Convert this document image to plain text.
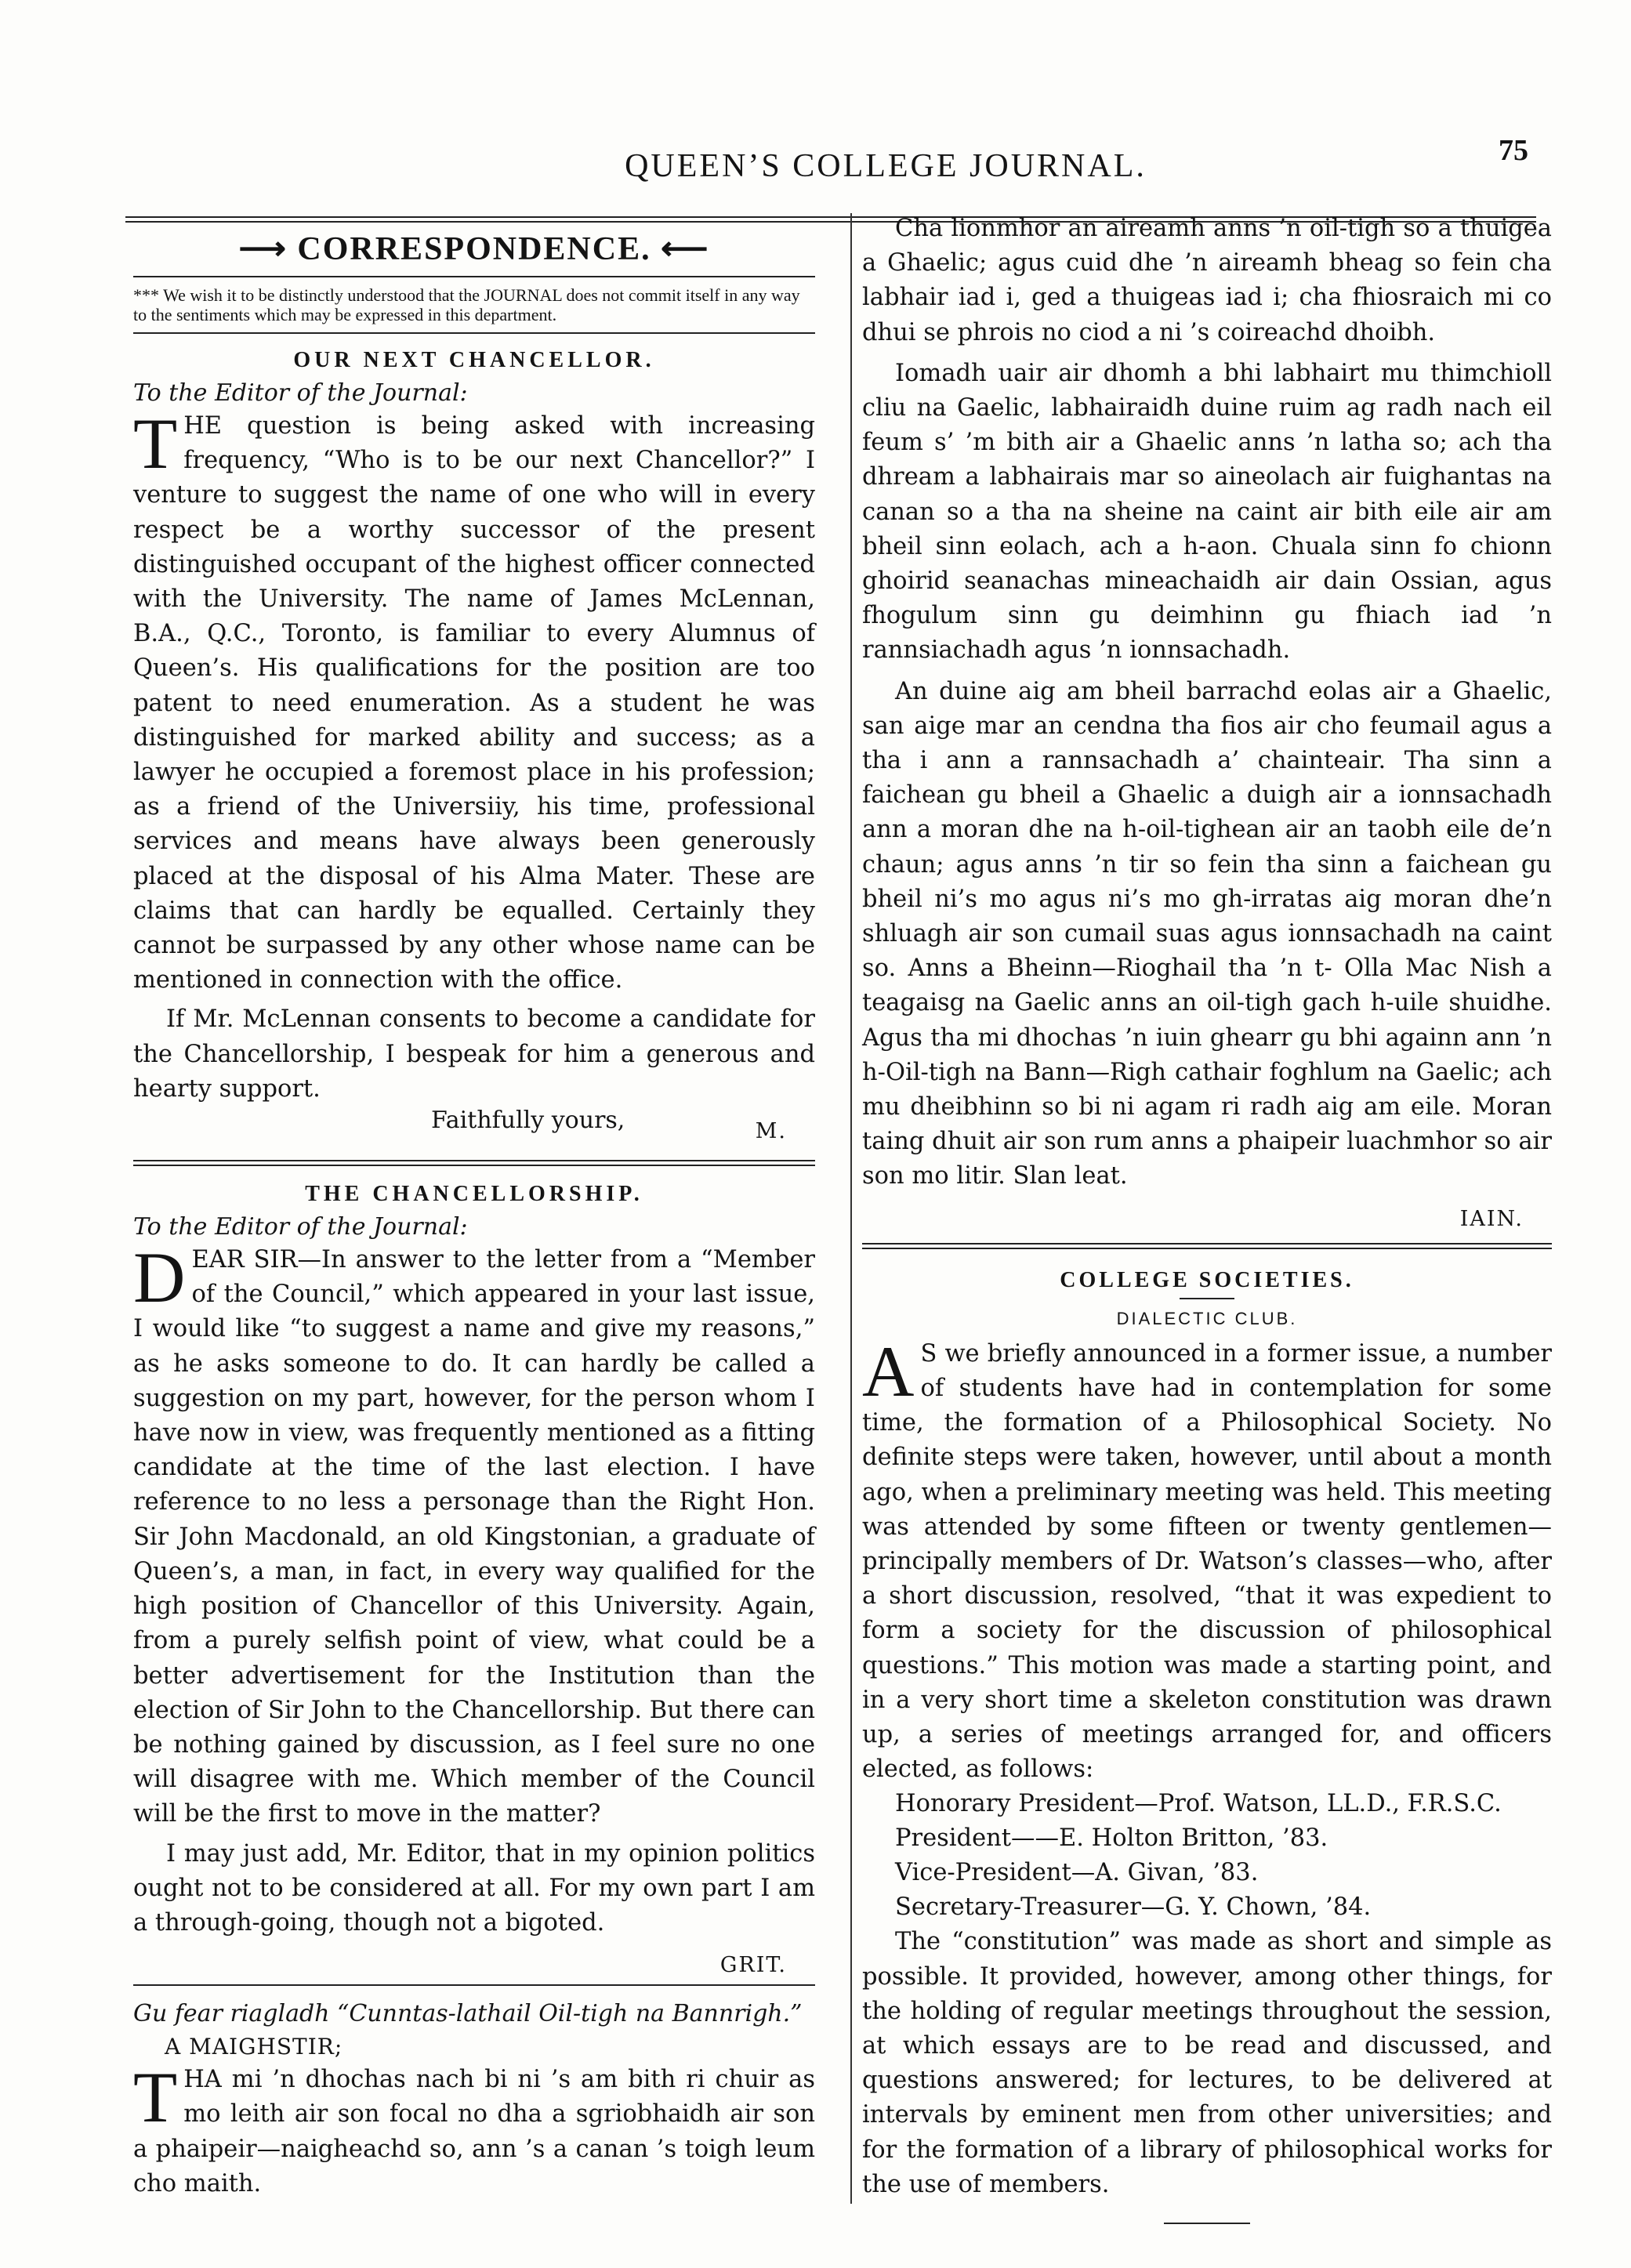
QUEEN’S COLLEGE JOURNAL.	75
⟶ CORRESPONDENCE. ⟵
*** We wish it to be distinctly understood that the JOURNAL does not commit itself in any way to the sentiments which may be expressed in this department.
OUR NEXT CHANCELLOR.
To the Editor of the Journal:

THE question is being asked with increasing frequency, “Who is to be our next Chancellor?” I venture to suggest the name of one who will in every respect be a worthy successor of the present distinguished occupant of the highest officer connected with the University. The name of James McLennan, B.A., Q.C., Toronto, is familiar to every Alumnus of Queen’s. His qualifications for the position are too patent to need enumeration. As a student he was distinguished for marked ability and success; as a lawyer he occupied a foremost place in his profession; as a friend of the Universiiy, his time, professional services and means have always been generously placed at the disposal of his Alma Mater. These are claims that can hardly be equalled. Certainly they cannot be surpassed by any other whose name can be mentioned in connection with the office.

If Mr. McLennan consents to become a candidate for the Chancellorship, I bespeak for him a generous and hearty support.

Faithfully yours,	M.
THE CHANCELLORSHIP.
To the Editor of the Journal:

DEAR SIR—In answer to the letter from a “Member of the Council,” which appeared in your last issue, I would like “to suggest a name and give my reasons,” as he asks someone to do. It can hardly be called a suggestion on my part, however, for the person whom I have now in view, was frequently mentioned as a fitting candidate at the time of the last election. I have reference to no less a personage than the Right Hon. Sir John Macdonald, an old Kingstonian, a graduate of Queen’s, a man, in fact, in every way qualified for the high position of Chancellor of this University. Again, from a purely selfish point of view, what could be a better advertisement for the Institution than the election of Sir John to the Chancellorship. But there can be nothing gained by discussion, as I feel sure no one will disagree with me. Which member of the Council will be the first to move in the matter?

I may just add, Mr. Editor, that in my opinion politics ought not to be considered at all. For my own part I am a through-going, though not a bigoted.

GRIT.
Gu fear riagladh “Cunntas-lathail Oil-tigh na Bannrigh.”
A MAIGHSTIR;

THA mi ’n dhochas nach bi ni ’s am bith ri chuir as mo leith air son focal no dha a sgriobhaidh air son a phaipeir—naigheachd so, ann ’s a canan ’s toigh leum cho maith.

Cha lionmhor an aireamh anns ’n oil-tigh so a thuigea a Ghaelic; agus cuid dhe ’n aireamh bheag so fein cha labhair iad i, ged a thuigeas iad i; cha fhiosraich mi co dhui se phrois no ciod a ni ’s coireachd dhoibh.

Iomadh uair air dhomh a bhi labhairt mu thimchioll cliu na Gaelic, labhairaidh duine ruim ag radh nach eil feum s’ ’m bith air a Ghaelic anns ’n latha so; ach tha dhream a labhairais mar so aineolach air fuighantas na canan so a tha na sheine na caint air bith eile air am bheil sinn eolach, ach a h-aon. Chuala sinn fo chionn ghoirid seanachas mineachaidh air dain Ossian, agus fhogulum sinn gu deimhinn gu fhiach iad ’n rannsiachadh agus ’n ionnsachadh.

An duine aig am bheil barrachd eolas air a Ghaelic, san aige mar an cendna tha fios air cho feumail agus a tha i ann a rannsachadh a’ chainteair. Tha sinn a faichean gu bheil a Ghaelic a duigh air a ionnsachadh ann a moran dhe na h-oil-tighean air an taobh eile de’n chaun; agus anns ’n tir so fein tha sinn a faichean gu bheil ni’s mo agus ni’s mo gh-irratas aig moran dhe’n shluagh air son cumail suas agus ionnsachadh na caint so. Anns a Bheinn—Rioghail tha ’n t- Olla Mac Nish a teagaisg na Gaelic anns an oil-tigh gach h-uile shuidhe. Agus tha mi dhochas ’n iuin ghearr gu bhi againn ann ’n h-Oil-tigh na Bann—Righ cathair foghlum na Gaelic; ach mu dheibhinn so bi ni agam ri radh aig am eile. Moran taing dhuit air son rum anns a phaipeir luachmhor so air son mo litir. Slan leat.

IAIN.
COLLEGE SOCIETIES.
DIALECTIC CLUB.

A S we briefly announced in a former issue, a number of students have had in contemplation for some time, the formation of a Philosophical Society. No definite steps were taken, however, until about a month ago, when a preliminary meeting was held. This meeting was attended by some fifteen or twenty gentlemen—principally members of Dr. Watson’s classes—who, after a short discussion, resolved, “that it was expedient to form a society for the discussion of philosophical questions.” This motion was made a starting point, and in a very short time a skeleton constitution was drawn up, a series of meetings arranged for, and officers elected, as follows:

Honorary President—Prof. Watson, LL.D., F.R.S.C.
President——E. Holton Britton, ’83.
Vice-President—A. Givan, ’83.
Secretary-Treasurer—G. Y. Chown, ’84.

The “constitution” was made as short and simple as possible. It provided, however, among other things, for the holding of regular meetings throughout the session, at which essays are to be read and discussed, and questions answered; for lectures, to be delivered at intervals by eminent men from other universities; and for the formation of a library of philosophical works for the use of members.
